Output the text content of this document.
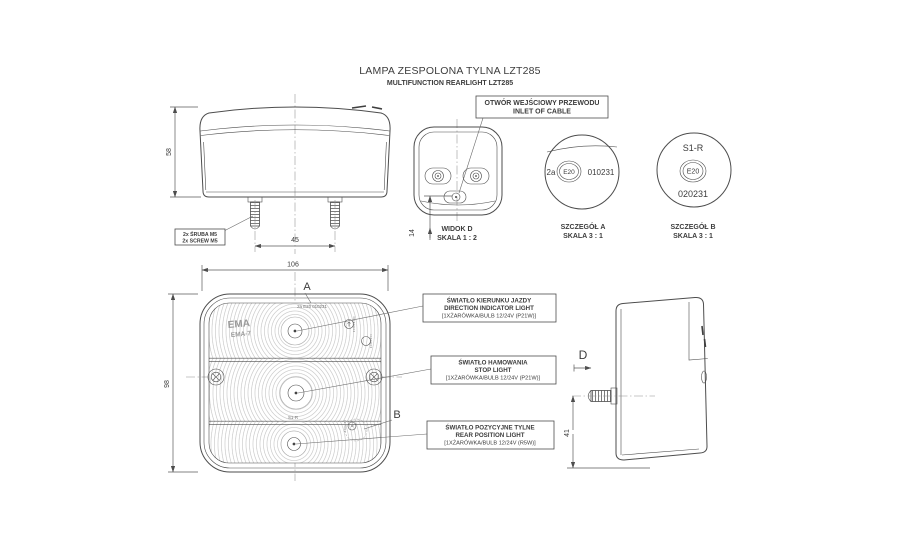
LAMPA ZESPOLONA TYLNA LZT285
MULTIFUNCTION REARLIGHT LZT285
58
45
2x ŚRUBA M5
2x SCREW M5
14	WIDOK D
SKALA 1 : 2
OTWÓR WEJŚCIOWY PRZEWODU
INLET OF CABLE
2a E20 010231
SZCZEGÓŁ A
SKALA 3 : 1
S1-R
E20
020231
SZCZEGÓŁ B
SKALA 3 : 1
EMA
EMA-7
2a E20 010231
S1-R
A
B
106
98
ŚWIATŁO KIERUNKU JAZDY
DIRECTION INDICATOR LIGHT
[1XŻARÓWKA/BULB 12/24V (P21W)]
ŚWIATŁO HAMOWANIA
STOP LIGHT
[1XŻARÓWKA/BULB 12/24V (P21W)]
ŚWIATŁO POZYCYJNE TYLNE
REAR POSITION LIGHT
[1XŻARÓWKA/BULB 12/24V (R5W)]
D
41
